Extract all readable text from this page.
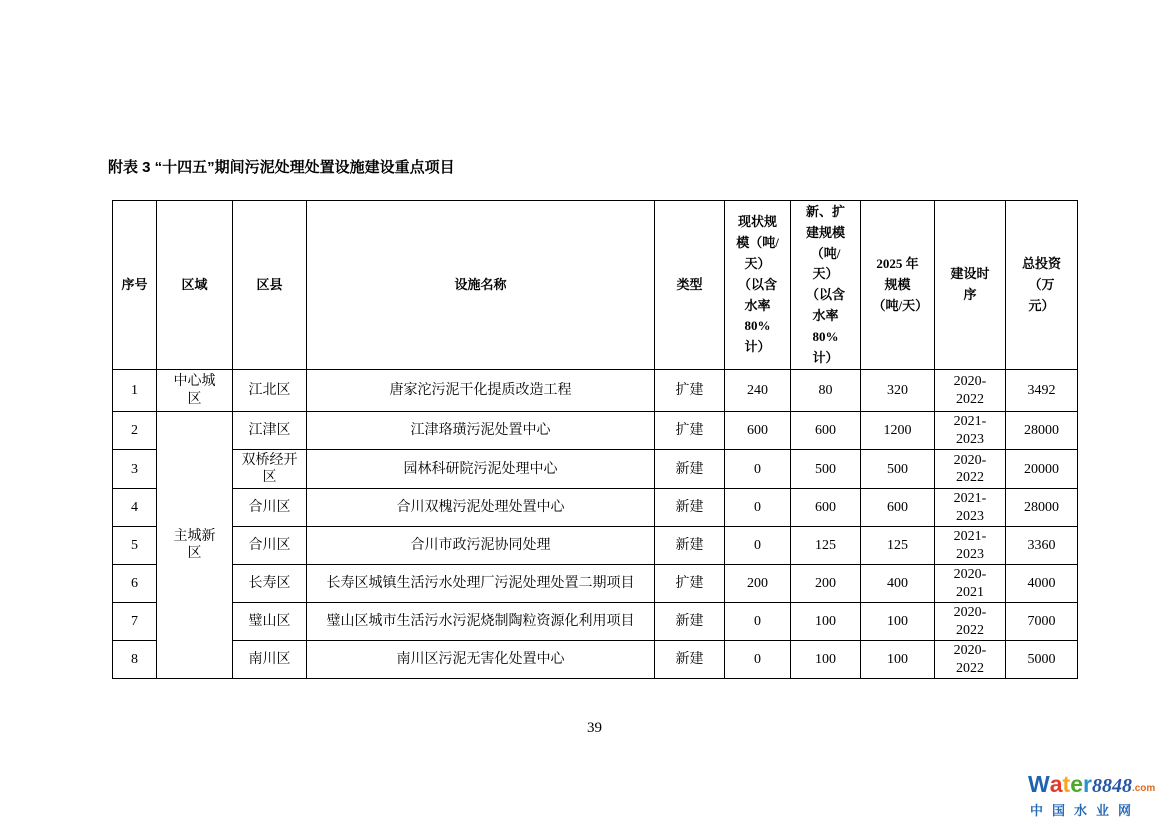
附表 3 “十四五”期间污泥处理处置设施建设重点项目
序号	区域	区县	设施名称	类型	现状规模（吨/天）（以含水率 80%计）	新、扩建规模（吨/天）（以含水率 80%计）	2025 年规模（吨/天）	建设时序	总投资（万元）
1	中心城区	江北区	唐家沱污泥干化提质改造工程	扩建	240	80	320	2020-2022	3492
2	主城新区	江津区	江津珞璜污泥处置中心	扩建	600	600	1200	2021-2023	28000
3		双桥经开区	园林科研院污泥处理中心	新建	0	500	500	2020-2022	20000
4		合川区	合川双槐污泥处理处置中心	新建	0	600	600	2021-2023	28000
5		合川区	合川市政污泥协同处理	新建	0	125	125	2021-2023	3360
6		长寿区	长寿区城镇生活污水处理厂污泥处理处置二期项目	扩建	200	200	400	2020-2021	4000
7		璧山区	璧山区城市生活污水污泥烧制陶粒资源化利用项目	新建	0	100	100	2020-2022	7000
8		南川区	南川区污泥无害化处置中心	新建	0	100	100	2020-2022	5000
39
Water8848.com
中国水业网
